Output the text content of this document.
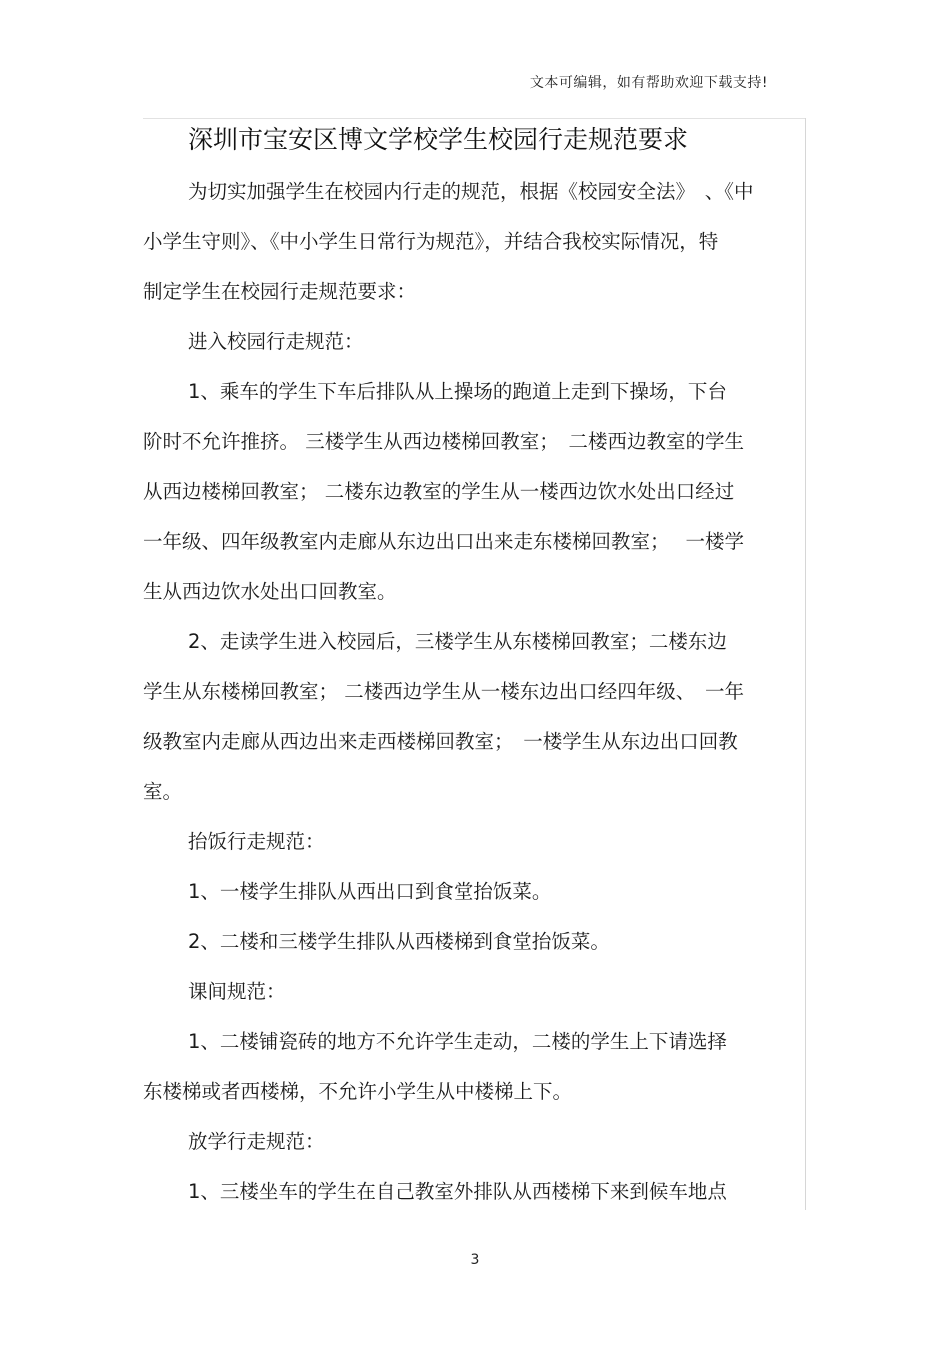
文本可编辑，如有帮助欢迎下载支持!
深圳市宝安区博文学校学生校园行走规范要求
为切实加强学生在校园内行走的规范，根据《校园安全法》　、《中
小学生守则》、《中小学生日常行为规范》，并结合我校实际情况，特
制定学生在校园行走规范要求：
进入校园行走规范：
1、乘车的学生下车后排队从上操场的跑道上走到下操场，下台
阶时不允许推挤。 三楼学生从西边楼梯回教室；　二楼西边教室的学生
从西边楼梯回教室； 二楼东边教室的学生从一楼西边饮水处出口经过
一年级、四年级教室内走廊从东边出口出来走东楼梯回教室；　 一楼学
生从西边饮水处出口回教室。
2、走读学生进入校园后，三楼学生从东楼梯回教室；二楼东边
学生从东楼梯回教室； 二楼西边学生从一楼东边出口经四年级、　一年
级教室内走廊从西边出来走西楼梯回教室；　一楼学生从东边出口回教
室。
抬饭行走规范：
1、一楼学生排队从西出口到食堂抬饭菜。
2、二楼和三楼学生排队从西楼梯到食堂抬饭菜。
课间规范：
1、二楼铺瓷砖的地方不允许学生走动，二楼的学生上下请选择
东楼梯或者西楼梯，不允许小学生从中楼梯上下。
放学行走规范：
1、三楼坐车的学生在自己教室外排队从西楼梯下来到候车地点
3
